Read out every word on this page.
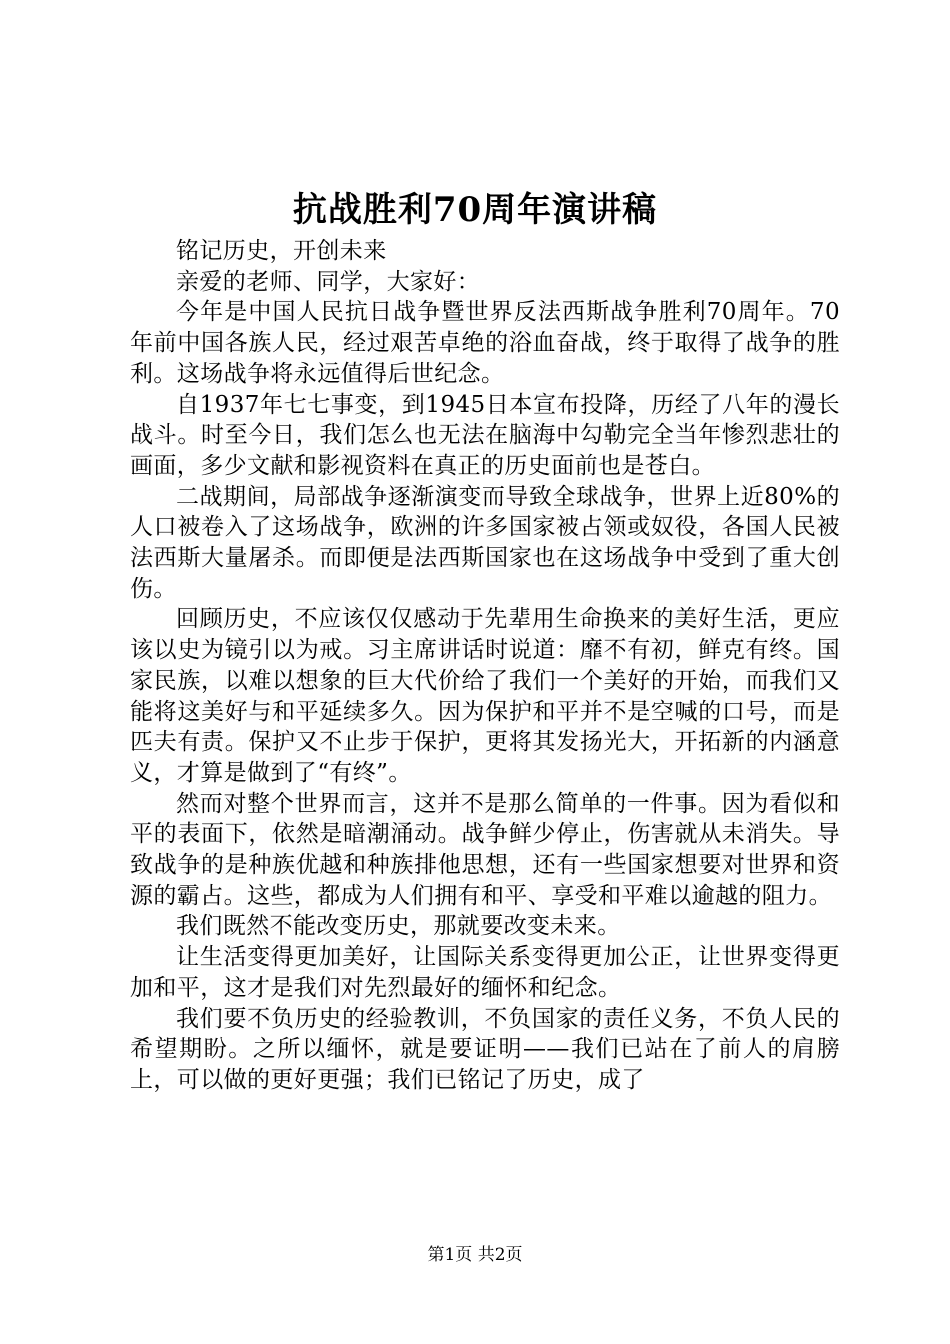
抗战胜利70周年演讲稿

铭记历史，开创未来

亲爱的老师、同学，大家好：

今年是中国人民抗日战争暨世界反法西斯战争胜利70周年。70年前中国各族人民，经过艰苦卓绝的浴血奋战，终于取得了战争的胜利。这场战争将永远值得后世纪念。

自1937年七七事变，到1945日本宣布投降，历经了八年的漫长战斗。时至今日，我们怎么也无法在脑海中勾勒完全当年惨烈悲壮的画面，多少文献和影视资料在真正的历史面前也是苍白。

二战期间，局部战争逐渐演变而导致全球战争，世界上近80%的人口被卷入了这场战争，欧洲的许多国家被占领或奴役，各国人民被法西斯大量屠杀。而即便是法西斯国家也在这场战争中受到了重大创伤。

回顾历史，不应该仅仅感动于先辈用生命换来的美好生活，更应该以史为镜引以为戒。习主席讲话时说道：靡不有初，鲜克有终。国家民族，以难以想象的巨大代价给了我们一个美好的开始，而我们又能将这美好与和平延续多久。因为保护和平并不是空喊的口号，而是匹夫有责。保护又不止步于保护，更将其发扬光大，开拓新的内涵意义，才算是做到了“有终”。

然而对整个世界而言，这并不是那么简单的一件事。因为看似和平的表面下，依然是暗潮涌动。战争鲜少停止，伤害就从未消失。导致战争的是种族优越和种族排他思想，还有一些国家想要对世界和资源的霸占。这些，都成为人们拥有和平、享受和平难以逾越的阻力。

我们既然不能改变历史，那就要改变未来。

让生活变得更加美好，让国际关系变得更加公正，让世界变得更加和平，这才是我们对先烈最好的缅怀和纪念。

我们要不负历史的经验教训，不负国家的责任义务，不负人民的希望期盼。之所以缅怀，就是要证明——我们已站在了前人的肩膀上，可以做的更好更强；我们已铭记了历史，成了

第1页 共2页
